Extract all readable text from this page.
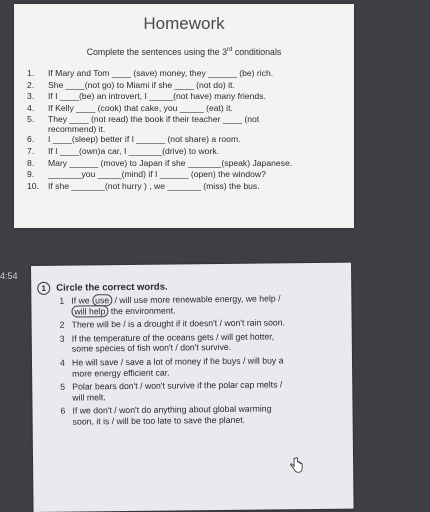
Homework
Complete the sentences using the 3rd conditionals
1.	If Mary and Tom ____ (save) money, they ______ (be) rich.
2.	She ____(not go) to Miami if she ____ (not do) it.
3.	If I ____(be) an introvert, I _____(not have) many friends.
4.	If Kelly ____ (cook) that cake, you _____ (eat) it.
5.	They ____ (not read) the book if their teacher ____ (not
recommend) it.
6.	I ____(sleep) better if I ______ (not share) a room.
7.	If I ____(own)a car, I _______(drive) to work.
8.	Mary ______ (move) to Japan if she _______(speak) Japanese.
9.	_______you _____(mind) if I ______ (open) the window?
10.	If she _______(not hurry ) , we _______ (miss) the bus.
4:54
1 Circle the correct words.
1 If we use / will use more renewable energy, we help / will help the environment.
2 There will be / is a drought if it doesn't / won't rain soon.
3 If the temperature of the oceans gets / will get hotter, some species of fish won't / don't survive.
4 He will save / save a lot of money if he buys / will buy a more energy efficient car.
5 Polar bears don't / won't survive if the polar cap melts / will melt.
6 If we don't / won't do anything about global warming soon, it is / will be too late to save the planet.
